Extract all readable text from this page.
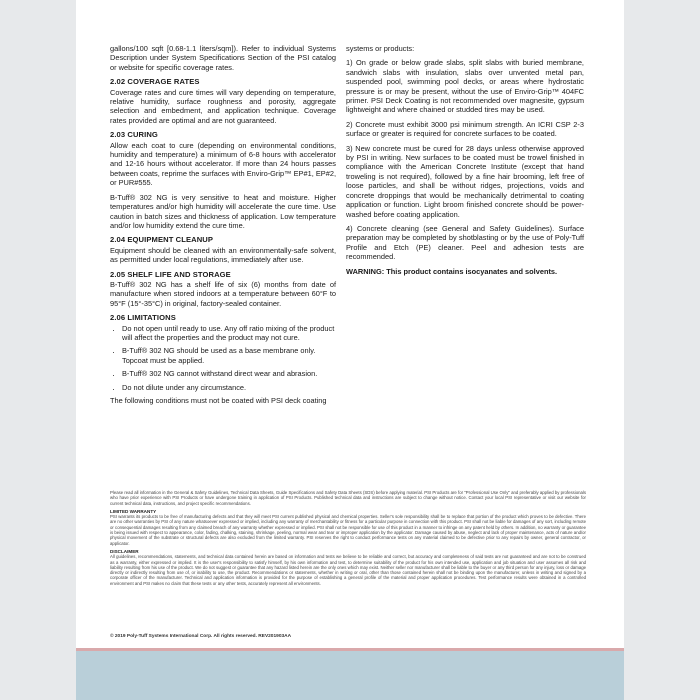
gallons/100 sqft [0.68-1.1 liters/sqm]). Refer to individual Systems Description under System Specifications Section of the PSI catalog or website for specific coverage rates.

2.02 COVERAGE RATES

Coverage rates and cure times will vary depending on temperature, relative humidity, surface roughness and porosity, aggregate selection and embedment, and application technique. Coverage rates provided are optimal and are not guaranteed.

2.03 CURING

Allow each coat to cure (depending on environmental conditions, humidity and temperature) a minimum of 6-8 hours with accelerator and 12-16 hours without accelerator. If more than 24 hours passes between coats, reprime the surfaces with Enviro-Grip™ EP#1, EP#2, or PUR#555.

B-Tuff® 302 NG is very sensitive to heat and moisture. Higher temperatures and/or high humidity will accelerate the cure time. Use caution in batch sizes and thickness of application. Low temperature and/or low humidity extend the cure time.

2.04 EQUIPMENT CLEANUP

Equipment should be cleaned with an environmentally-safe solvent, as permitted under local regulations, immediately after use.

2.05 SHELF LIFE AND STORAGE

B-Tuff® 302 NG has a shelf life of six (6) months from date of manufacture when stored indoors at a temperature between 60°F to 95°F (15°-35°C) in original, factory-sealed container.

2.06 LIMITATIONS
• Do not open until ready to use. Any off ratio mixing of the product will affect the properties and the product may not cure.
• B-Tuff® 302 NG should be used as a base membrane only. Topcoat must be applied.
• B-Tuff® 302 NG cannot withstand direct wear and abrasion.
• Do not dilute under any circumstance.

The following conditions must not be coated with PSI deck coating

systems or products:

1) On grade or below grade slabs, split slabs with buried membrane, sandwich slabs with insulation, slabs over unvented metal pan, suspended pool, swimming pool decks, or areas where hydrostatic pressure is or may be present, without the use of Enviro-Grip™ 404FC primer. PSI Deck Coating is not recommended over magnesite, gypsum lightweight and where chained or studded tires may be used.

2) Concrete must exhibit 3000 psi minimum strength. An ICRI CSP 2-3 surface or greater is required for concrete surfaces to be coated.

3) New concrete must be cured for 28 days unless otherwise approved by PSI in writing. New surfaces to be coated must be trowel finished in compliance with the American Concrete Institute (except that hand troweling is not required), followed by a fine hair brooming, left free of loose particles, and shall be without ridges, projections, voids and concrete droppings that would be mechanically detrimental to coating application or function. Light broom finished concrete should be power-washed before coating application.

4) Concrete cleaning (see General and Safety Guidelines). Surface preparation may be completed by shotblasting or by the use of Poly-Tuff Profile and Etch (PE) cleaner. Peel and adhesion tests are recommended.

WARNING: This product contains isocyanates and solvents.

Please read all information in the General & Safety Guidelines, Technical Data Sheets, Guide Specifications and Safety Data Sheets (SDS) before applying material. PSI Products are for "Professional Use Only" and preferably applied by professionals who have prior experience with PSI Products or have undergone training in application of PSI Products. Published technical data and instructions are subject to change without notice. Contact your local PSI representative or visit our website for current technical data, instructions, and project specific recommendations.

LIMITED WARRANTY

PSI warrants its products to be free of manufacturing defects and that they will meet PSI current published physical and chemical properties. Seller's sole responsibility shall be to replace that portion of the product which proves to be defective. There are no other warranties by PSI of any nature whatsoever expressed or implied, including any warranty of merchantability or fitness for a particular purpose in connection with this product. PSI shall not be liable for damages of any sort, including remote or consequential damages resulting from any claimed breach of any warranty whether expressed or implied. PSI shall not be responsible for use of this product in a manner to infringe on any patent held by others. In addition, no warranty or guarantee is being issued with respect to appearance, color, fading, chalking, staining, shrinkage, peeling, normal wear and tear or improper application by the applicator. Damage caused by abuse, neglect and lack of proper maintenance, acts of nature and/or physical movement of the substrate or structural defects are also excluded from the limited warranty. PSI reserves the right to conduct performance tests on any material claimed to be defective prior to any repairs by owner, general contractor, or applicator.

DISCLAIMER

All guidelines, recommendations, statements, and technical data contained herein are based on information and tests we believe to be reliable and correct, but accuracy and completeness of said tests are not guaranteed and are not to be construed as a warranty, either expressed or implied. It is the user's responsibility to satisfy himself, by his own information and test, to determine suitability of the product for his own intended use, application and job situation and user assumes all risk and liability resulting from his use of the product. We do not suggest or guarantee that any hazard listed herein are the only ones which may exist. Neither seller nor manufacturer shall be liable to the buyer or any third person for any injury, loss or damage directly or indirectly resulting from use of, or inability to use, the product. Recommendations or statements, whether in writing or oral, other than those contained herein shall not be binding upon the manufacturer, unless in writing and signed by a corporate officer of the manufacturer. Technical and application information is provided for the purpose of establishing a general profile of the material and proper application procedures. Test performance results were obtained in a controlled environment and PSI makes no claim that these tests or any other tests, accurately represent all environments.

© 2019 Poly-Tuff Systems International Corp. All rights reserved. REV201903AA
